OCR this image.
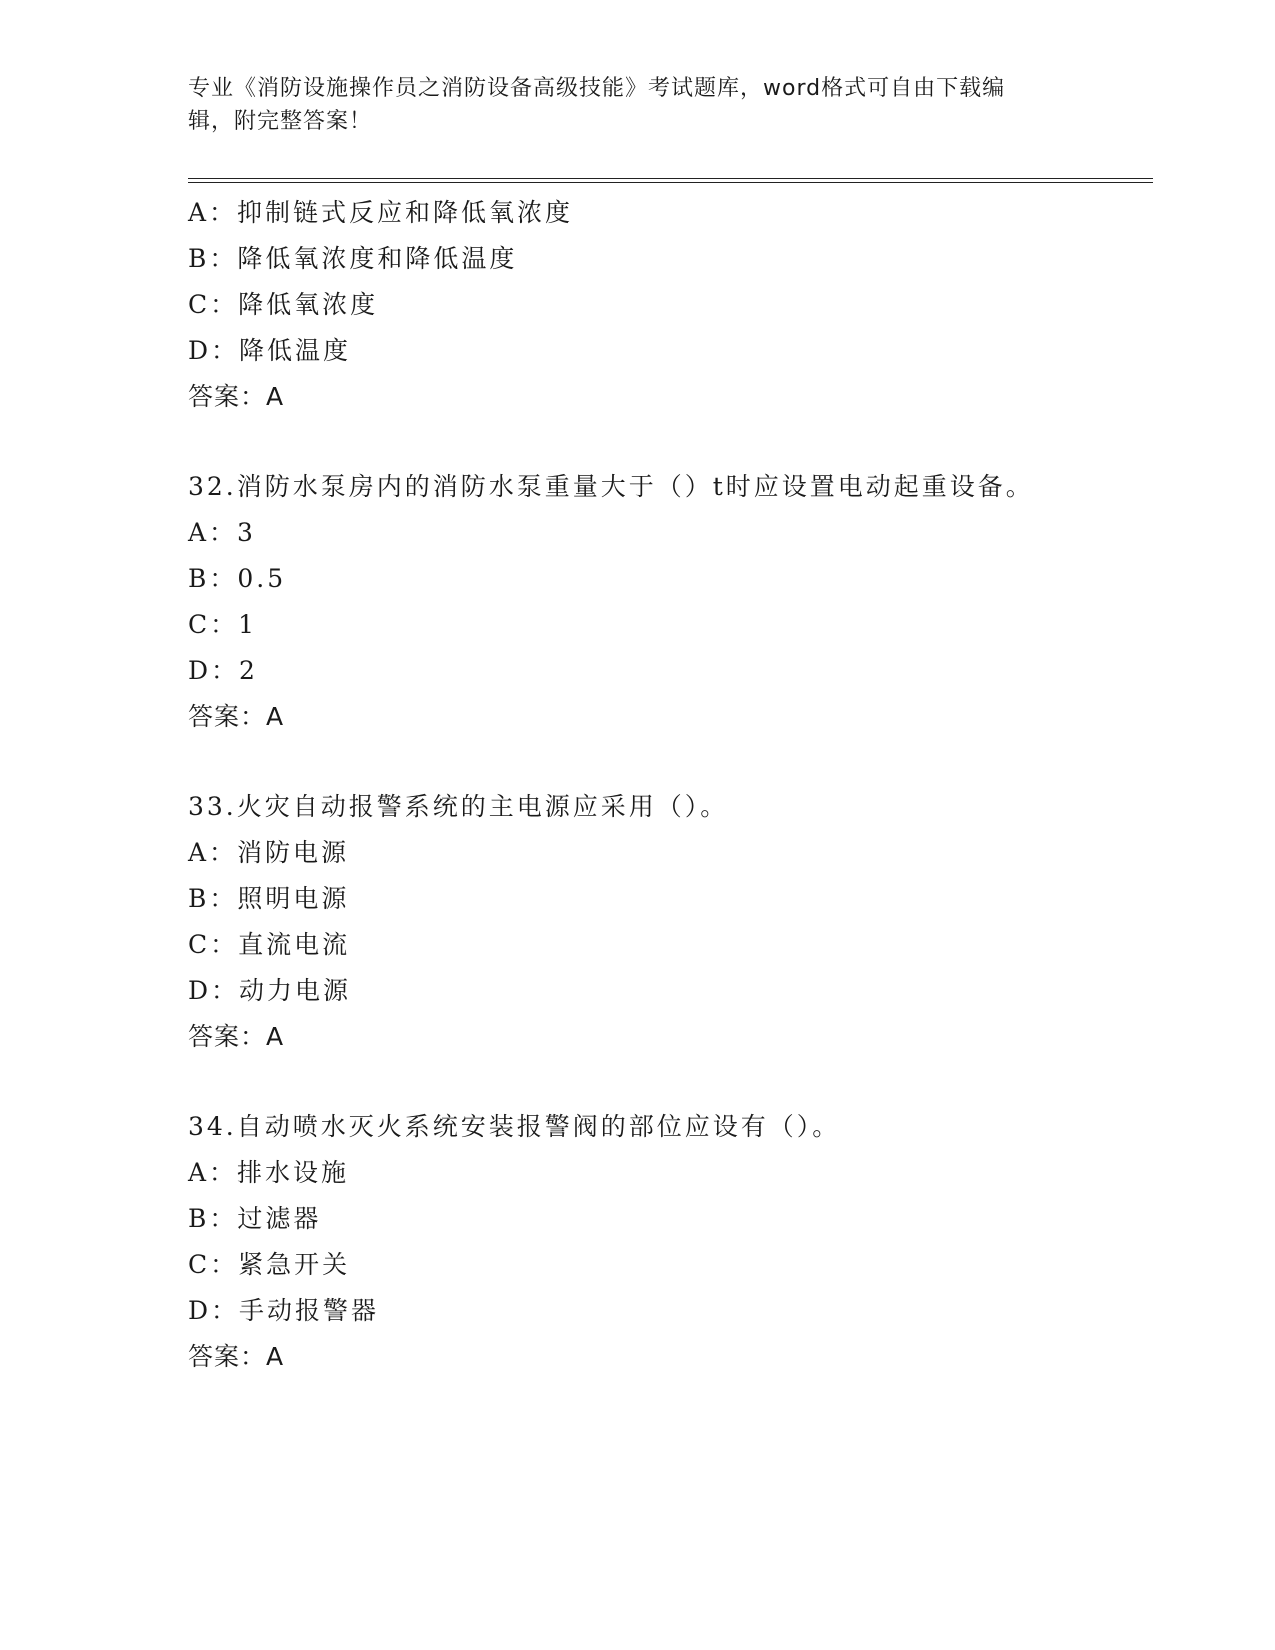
专业《消防设施操作员之消防设备高级技能》考试题库，word格式可自由下载编
辑，附完整答案！
A：抑制链式反应和降低氧浓度
B：降低氧浓度和降低温度
C：降低氧浓度
D：降低温度
答案：A
32.消防水泵房内的消防水泵重量大于（）t时应设置电动起重设备。
A：3
B：0.5
C：1
D：2
答案：A
33.火灾自动报警系统的主电源应采用（）。
A：消防电源
B：照明电源
C：直流电流
D：动力电源
答案：A
34.自动喷水灭火系统安装报警阀的部位应设有（）。
A：排水设施
B：过滤器
C：紧急开关
D：手动报警器
答案：A
